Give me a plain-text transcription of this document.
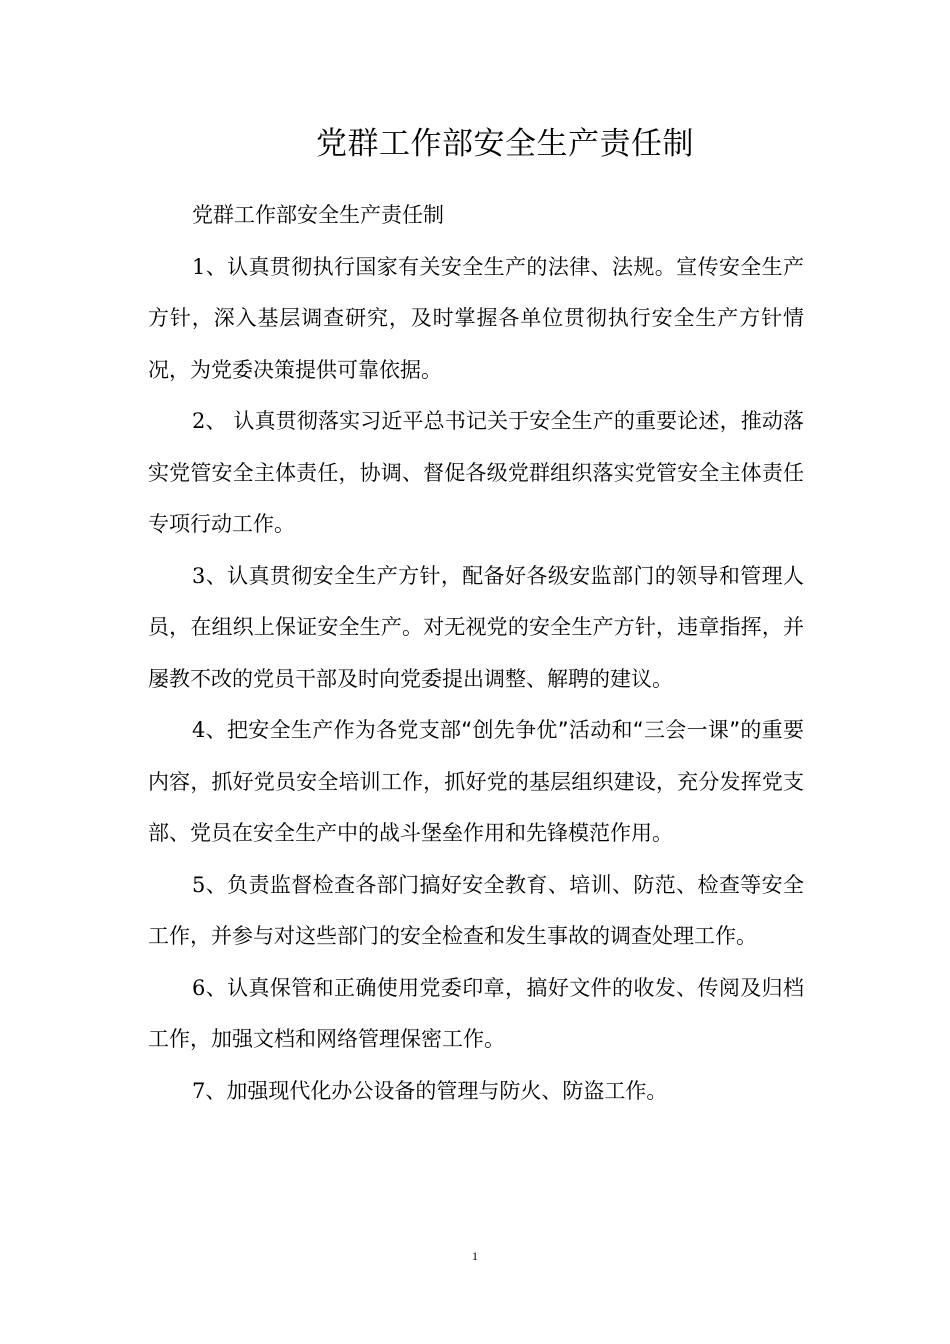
党群工作部安全生产责任制

党群工作部安全生产责任制

1、认真贯彻执行国家有关安全生产的法律、法规。宣传安全生产方针，深入基层调查研究，及时掌握各单位贯彻执行安全生产方针情况，为党委决策提供可靠依据。

2、 认真贯彻落实习近平总书记关于安全生产的重要论述，推动落实党管安全主体责任，协调、督促各级党群组织落实党管安全主体责任专项行动工作。

3、认真贯彻安全生产方针，配备好各级安监部门的领导和管理人员，在组织上保证安全生产。对无视党的安全生产方针，违章指挥，并屡教不改的党员干部及时向党委提出调整、解聘的建议。

4、把安全生产作为各党支部“创先争优”活动和“三会一课”的重要内容，抓好党员安全培训工作，抓好党的基层组织建设，充分发挥党支部、党员在安全生产中的战斗堡垒作用和先锋模范作用。

5、负责监督检查各部门搞好安全教育、培训、防范、检查等安全工作，并参与对这些部门的安全检查和发生事故的调查处理工作。

6、认真保管和正确使用党委印章，搞好文件的收发、传阅及归档工作，加强文档和网络管理保密工作。

7、加强现代化办公设备的管理与防火、防盗工作。

1
